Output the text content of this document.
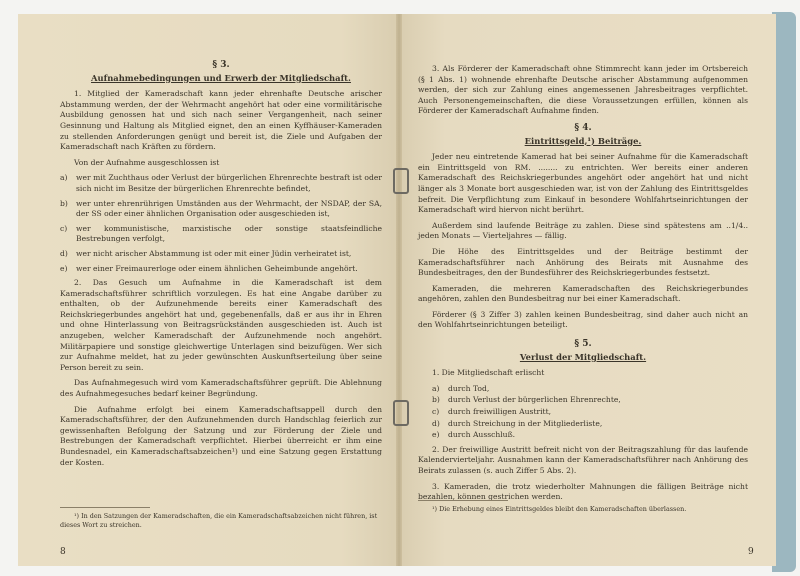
§ 3.
Aufnahmebedingungen und Erwerb der Mitgliedschaft.

1. Mitglied der Kameradschaft kann jeder ehrenhafte Deutsche arischer Abstammung werden, der der Wehrmacht angehört hat oder eine vormilitärische Ausbildung genossen hat und sich nach seiner Vergangenheit, nach seiner Gesinnung und Haltung als Mitglied eignet, den an einen Kyffhäuser-Kameraden zu stellenden Anforderungen genügt und bereit ist, die Ziele und Aufgaben der Kameradschaft nach Kräften zu fördern.

Von der Aufnahme ausgeschlossen ist

a)	wer mit Zuchthaus oder Verlust der bürgerlichen Ehrenrechte bestraft ist oder sich nicht im Besitze der bürgerlichen Ehrenrechte befindet,
b)	wer unter ehrenrührigen Umständen aus der Wehrmacht, der NSDAP, der SA, der SS oder einer ähnlichen Organisation oder ausgeschieden ist,
c)	wer kommunistische, marxistische oder sonstige staatsfeindliche Bestrebungen verfolgt,
d)	wer nicht arischer Abstammung ist oder mit einer Jüdin verheiratet ist,
e)	wer einer Freimaurerloge oder einem ähnlichen Geheimbunde angehört.

2. Das Gesuch um Aufnahme in die Kameradschaft ist dem Kameradschaftsführer schriftlich vorzulegen. Es hat eine Angabe darüber zu enthalten, ob der Aufzunehmende bereits einer Kameradschaft des Reichskriegerbundes angehört hat und, gegebenenfalls, daß er aus ihr in Ehren und ohne Hinterlassung von Beitragsrückständen ausgeschieden ist. Auch ist anzugeben, welcher Kameradschaft der Aufzunehmende noch angehört. Militärpapiere und sonstige gleichwertige Unterlagen sind beizufügen. Wer sich zur Aufnahme meldet, hat zu jeder gewünschten Auskunftserteilung über seine Person bereit zu sein.

Das Aufnahmegesuch wird vom Kameradschaftsführer geprüft. Die Ablehnung des Aufnahmegesuches bedarf keiner Begründung.

Die Aufnahme erfolgt bei einem Kameradschaftsappell durch den Kameradschaftsführer, der den Aufzunehmenden durch Handschlag feierlich zur gewissenhaften Befolgung der Satzung und zur Förderung der Ziele und Bestrebungen der Kameradschaft verpflichtet. Hierbei überreicht er ihm eine Bundesnadel, ein Kameradschaftsabzeichen¹) und eine Satzung gegen Erstattung der Kosten.

¹) In den Satzungen der Kameradschaften, die ein Kameradschaftsabzeichen nicht führen, ist dieses Wort zu streichen.
8

3. Als Förderer der Kameradschaft ohne Stimmrecht kann jeder im Ortsbereich (§ 1 Abs. 1) wohnende ehrenhafte Deutsche arischer Abstammung aufgenommen werden, der sich zur Zahlung eines angemessenen Jahresbeitrages verpflichtet. Auch Personengemeinschaften, die diese Voraussetzungen erfüllen, können als Förderer der Kameradschaft Aufnahme finden.

§ 4.
Eintrittsgeld,¹) Beiträge.

Jeder neu eintretende Kamerad hat bei seiner Aufnahme für die Kameradschaft ein Eintrittsgeld von RM. ........ zu entrichten. Wer bereits einer anderen Kameradschaft des Reichskriegerbundes angehört oder angehört hat und nicht länger als 3 Monate bort ausgeschieden war, ist von der Zahlung des Eintrittsgeldes befreit. Die Verpflichtung zum Einkauf in besondere Wohlfahrtseinrichtungen der Kameradschaft wird hiervon nicht berührt.

Außerdem sind laufende Beiträge zu zahlen. Diese sind spätestens am ..1/4.. jeden Monats — Vierteljahres — fällig.

Die Höhe des Eintrittsgeldes und der Beiträge bestimmt der Kameradschaftsführer nach Anhörung des Beirats mit Ausnahme des Bundesbeitrages, den der Bundesführer des Reichskriegerbundes festsetzt.

Kameraden, die mehreren Kameradschaften des Reichskriegerbundes angehören, zahlen den Bundesbeitrag nur bei einer Kameradschaft.

Förderer (§ 3 Ziffer 3) zahlen keinen Bundesbeitrag, sind daher auch nicht an den Wohlfahrtseinrichtungen beteiligt.

§ 5.
Verlust der Mitgliedschaft.

1. Die Mitgliedschaft erlischt

a)	durch Tod,
b)	durch Verlust der bürgerlichen Ehrenrechte,
c)	durch freiwilligen Austritt,
d)	durch Streichung in der Mitgliederliste,
e)	durch Ausschluß.

2. Der freiwillige Austritt befreit nicht von der Beitragszahlung für das laufende Kalendervierteljahr. Ausnahmen kann der Kameradschaftsführer nach Anhörung des Beirats zulassen (s. auch Ziffer 5 Abs. 2).

3. Kameraden, die trotz wiederholter Mahnungen die fälligen Beiträge nicht bezahlen, können gestrichen werden.

¹) Die Erhebung eines Eintrittsgeldes bleibt den Kameradschaften überlassen.
9
